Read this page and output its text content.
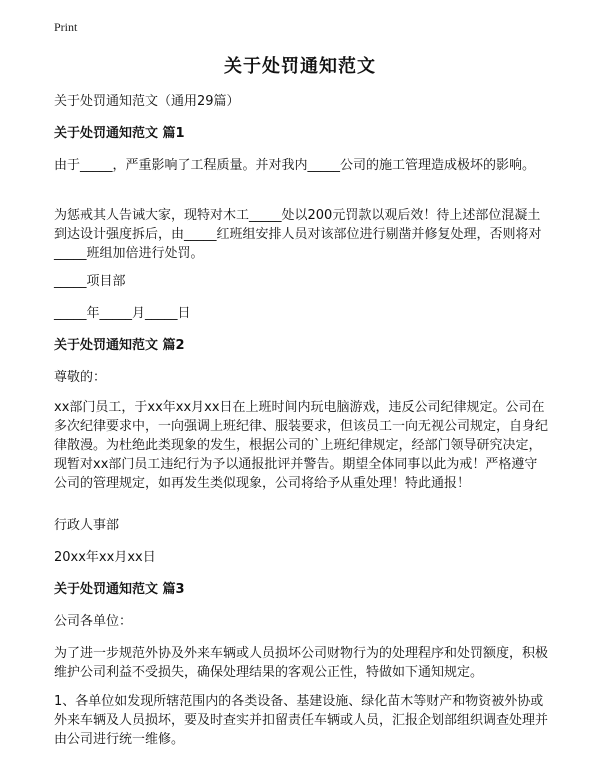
Print
关于处罚通知范文
关于处罚通知范文（通用29篇）
关于处罚通知范文 篇1
由于_____，严重影响了工程质量。并对我内_____公司的施工管理造成极坏的影响。
为惩戒其人告诫大家，现特对木工_____处以200元罚款以观后效！待上述部位混凝土到达设计强度拆后，由_____红班组安排人员对该部位进行剔凿并修复处理，否则将对_____班组加倍进行处罚。
_____项目部
_____年_____月_____日
关于处罚通知范文 篇2
尊敬的：
xx部门员工，于xx年xx月xx日在上班时间内玩电脑游戏，违反公司纪律规定。公司在多次纪律要求中，一向强调上班纪律、服装要求，但该员工一向无视公司规定，自身纪律散漫。为杜绝此类现象的发生，根据公司的`上班纪律规定，经部门领导研究决定，现暂对xx部门员工违纪行为予以通报批评并警告。期望全体同事以此为戒！严格遵守公司的管理规定，如再发生类似现象，公司将给予从重处理！特此通报！
行政人事部
20xx年xx月xx日
关于处罚通知范文 篇3
公司各单位：
为了进一步规范外协及外来车辆或人员损坏公司财物行为的处理程序和处罚额度，积极维护公司利益不受损失，确保处理结果的客观公正性，特做如下通知规定。
1、各单位如发现所辖范围内的各类设备、基建设施、绿化苗木等财产和物资被外协或外来车辆及人员损坏，要及时查实并扣留责任车辆或人员，汇报企划部组织调查处理并由公司进行统一维修。
